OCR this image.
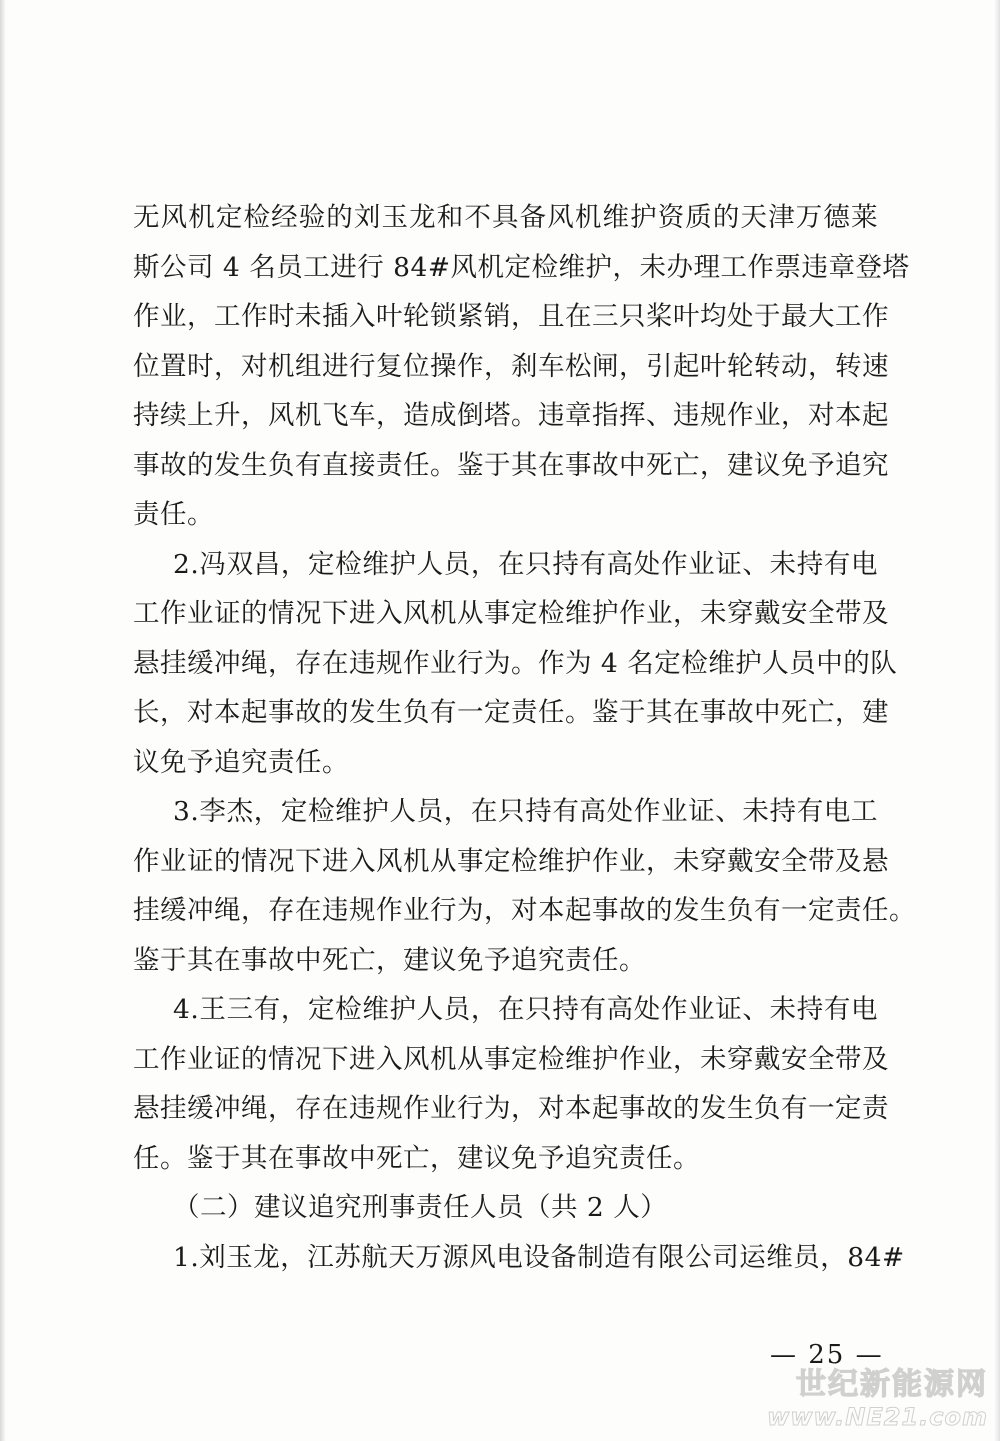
无风机定检经验的刘玉龙和不具备风机维护资质的天津万德莱
斯公司 4 名员工进行 84#风机定检维护，未办理工作票违章登塔
作业，工作时未插入叶轮锁紧销，且在三只桨叶均处于最大工作
位置时，对机组进行复位操作，刹车松闸，引起叶轮转动，转速
持续上升，风机飞车，造成倒塔。违章指挥、违规作业，对本起
事故的发生负有直接责任。鉴于其在事故中死亡，建议免予追究
责任。
2.冯双昌，定检维护人员，在只持有高处作业证、未持有电
工作业证的情况下进入风机从事定检维护作业，未穿戴安全带及
悬挂缓冲绳，存在违规作业行为。作为 4 名定检维护人员中的队
长，对本起事故的发生负有一定责任。鉴于其在事故中死亡，建
议免予追究责任。
3.李杰，定检维护人员，在只持有高处作业证、未持有电工
作业证的情况下进入风机从事定检维护作业，未穿戴安全带及悬
挂缓冲绳，存在违规作业行为，对本起事故的发生负有一定责任。
鉴于其在事故中死亡，建议免予追究责任。
4.王三有，定检维护人员，在只持有高处作业证、未持有电
工作业证的情况下进入风机从事定检维护作业，未穿戴安全带及
悬挂缓冲绳，存在违规作业行为，对本起事故的发生负有一定责
任。鉴于其在事故中死亡，建议免予追究责任。
（二）建议追究刑事责任人员（共 2 人）
1.刘玉龙，江苏航天万源风电设备制造有限公司运维员，84#
— 25 —
世纪新能源网
www.NE21.com
